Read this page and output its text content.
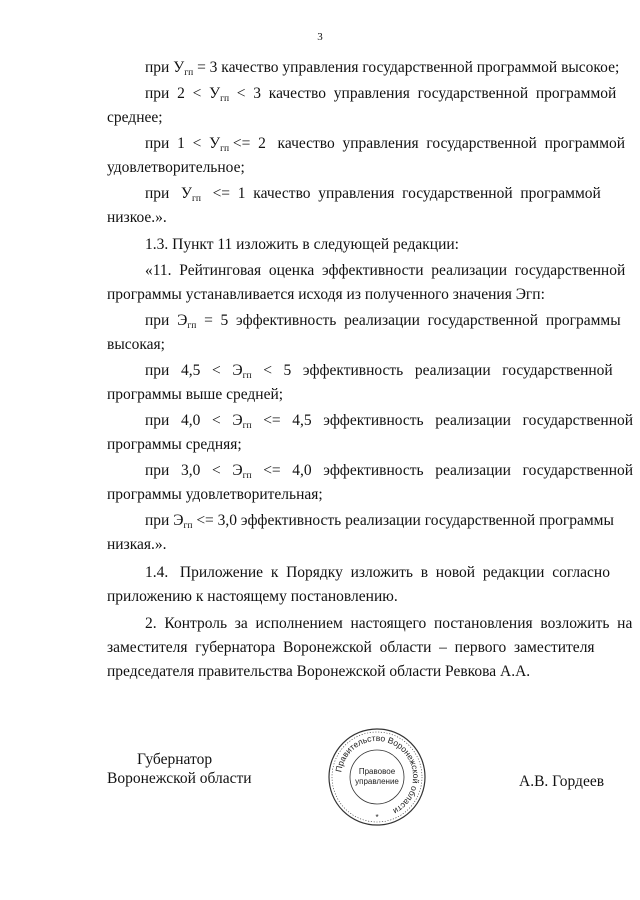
3
при $У_{гп} = 3$ качество управления государственной программой высокое;
при  $2 < У_{гп} < 3$  качество  управления  государственной  программой
среднее;
при  $1 < У_{гп} <= 2$   качество  управления  государственной  программой
удовлетворительное;
при   $У_{гп} <= 1$  качество  управления  государственной  программой
низкое.».
1.3. Пункт 11 изложить в следующей редакции:
«11.  Рейтинговая  оценка  эффективности  реализации  государственной
программы устанавливается исходя из полученного значения Эгп:
при  $Э_{гп} = 5$  эффективность  реализации  государственной  программы
высокая;
при   $4,5 < Э_{гп} < 5$   эффективность   реализации   государственной
программы выше средней;
при   $4,0 < Э_{гп} <= 4,5$   эффективность   реализации   государственной
программы средняя;
при   $3,0 < Э_{гп} <= 4,0$   эффективность   реализации   государственной
программы удовлетворительная;
при $Э_{гп} <= 3,0$ эффективность реализации государственной программы
низкая.».
1.4.   Приложение  к  Порядку  изложить  в  новой  редакции  согласно
приложению к настоящему постановлению.
2.  Контроль  за  исполнением  настоящего  постановления  возложить  на
заместителя  губернатора  Воронежской  области  –  первого  заместителя
председателя правительства Воронежской области Ревкова А.А.
Губернатор
Воронежской области	А.В. Гордеев
Правительство Воронежской области
Правовое
управление
*
